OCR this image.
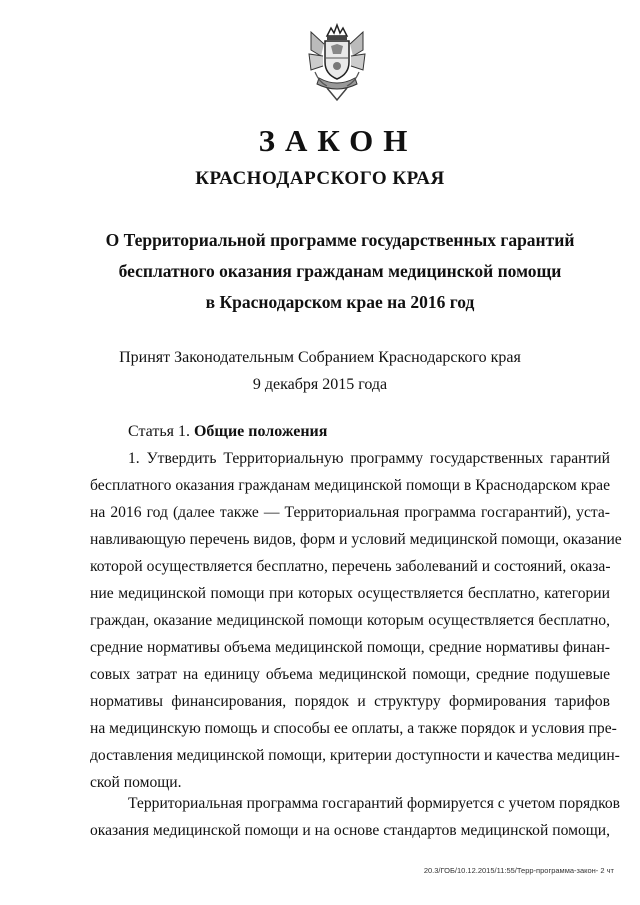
ЗАКОН
КРАСНОДАРСКОГО КРАЯ
О Территориальной программе государственных гарантий
бесплатного оказания гражданам медицинской помощи
в Краснодарском крае на 2016 год
Принят Законодательным Собранием Краснодарского края
9 декабря 2015 года
Статья 1. Общие положения
1. Утвердить Территориальную программу государственных гарантий
бесплатного оказания гражданам медицинской помощи в Краснодарском крае
на 2016 год (далее также — Территориальная программа госгарантий), уста-
навливающую перечень видов, форм и условий медицинской помощи, оказание
которой осуществляется бесплатно, перечень заболеваний и состояний, оказа-
ние медицинской помощи при которых осуществляется бесплатно, категории
граждан, оказание медицинской помощи которым осуществляется бесплатно,
средние нормативы объема медицинской помощи, средние нормативы финан-
совых затрат на единицу объема медицинской помощи, средние подушевые
нормативы финансирования, порядок и структуру формирования тарифов
на медицинскую помощь и способы ее оплаты, а также порядок и условия пре-
доставления медицинской помощи, критерии доступности и качества медицин-
ской помощи.
Территориальная программа госгарантий формируется с учетом порядков
оказания медицинской помощи и на основе стандартов медицинской помощи,
20.3/ГОБ/10.12.2015/11:55/Терр-программа-закон- 2 чт
